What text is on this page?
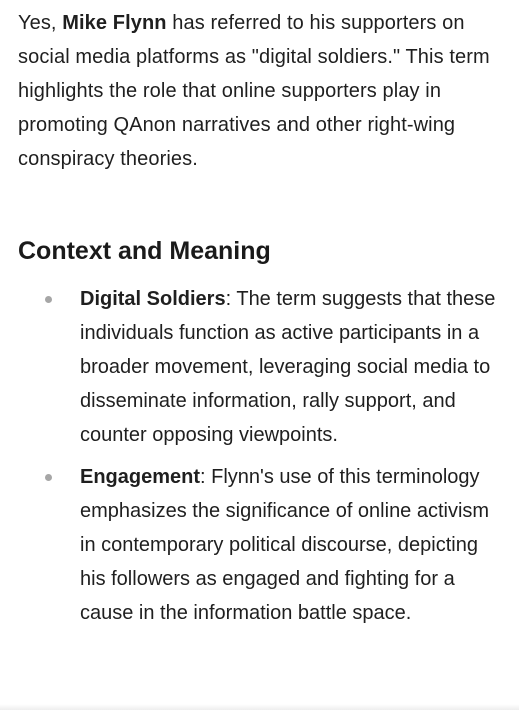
Yes, Mike Flynn has referred to his supporters on social media platforms as "digital soldiers." This term highlights the role that online supporters play in promoting QAnon narratives and other right-wing conspiracy theories.

Context and Meaning
Digital Soldiers: The term suggests that these individuals function as active participants in a broader movement, leveraging social media to disseminate information, rally support, and counter opposing viewpoints.
Engagement: Flynn's use of this terminology emphasizes the significance of online activism in contemporary political discourse, depicting his followers as engaged and fighting for a cause in the information battle space.
